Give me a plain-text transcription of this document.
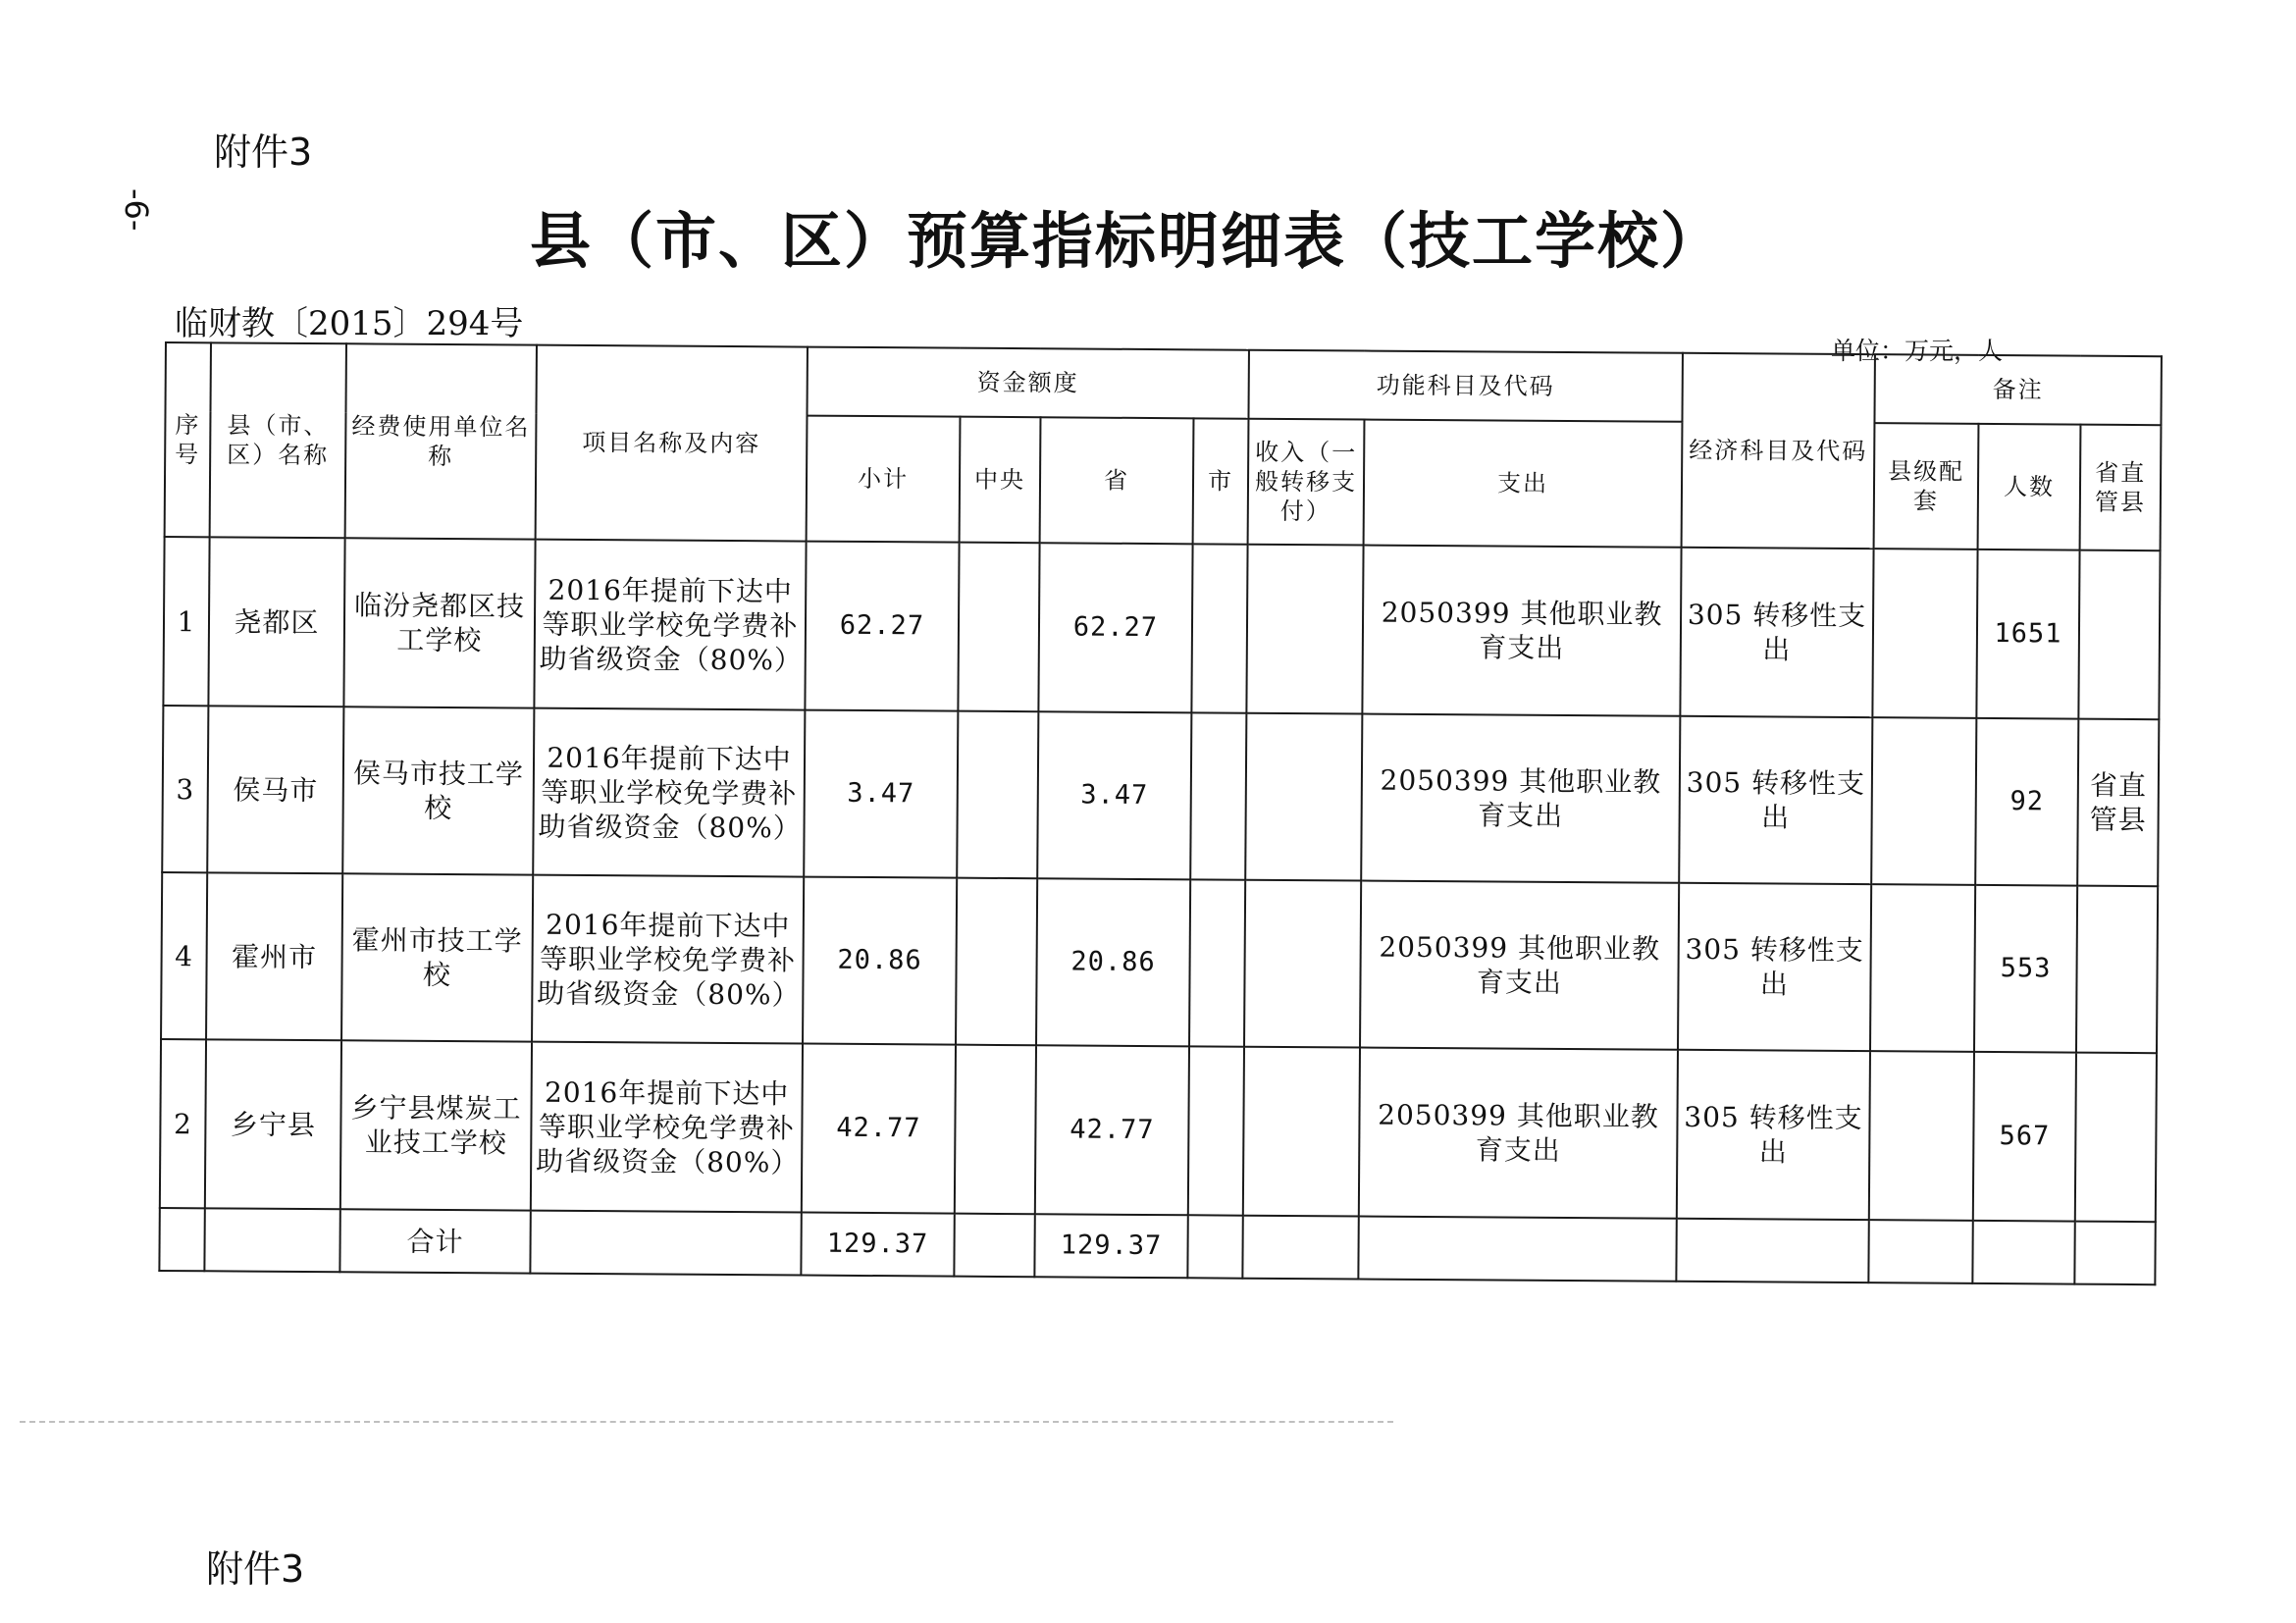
附件3
-6-	县（市、区）预算指标明细表（技工学校）
临财教〔2015〕294号
单位：万元，人
序号	县（市、区）名称	经费使用单位名称	项目名称及内容	资金额度				功能科目及代码		经济科目及代码	备注		
				小计	中央	省	市	收入（一般转移支付）	支出		县级配套	人数	省直管县
1	尧都区	临汾尧都区技工学校	2016年提前下达中等职业学校免学费补助省级资金（80%）	62.27		62.27			2050399 其他职业教育支出	305 转移性支出		1651	
3	侯马市	侯马市技工学校	2016年提前下达中等职业学校免学费补助省级资金（80%）	3.47		3.47			2050399 其他职业教育支出	305 转移性支出		92	省直管县
4	霍州市	霍州市技工学校	2016年提前下达中等职业学校免学费补助省级资金（80%）	20.86		20.86			2050399 其他职业教育支出	305 转移性支出		553	
2	乡宁县	乡宁县煤炭工业技工学校	2016年提前下达中等职业学校免学费补助省级资金（80%）	42.77		42.77			2050399 其他职业教育支出	305 转移性支出		567	
		合计		129.37		129.37							
附件3
